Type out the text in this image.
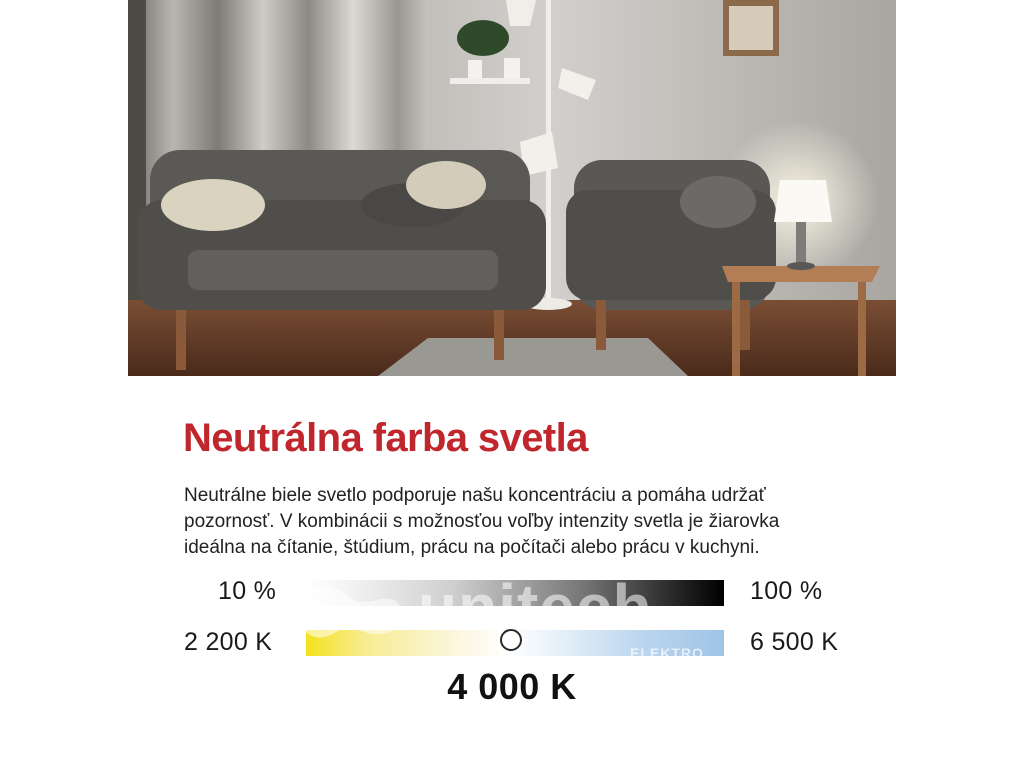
Neutrálna farba svetla

Neutrálne biele svetlo podporuje našu koncentráciu a pomáha udržať pozornosť. V kombinácii s možnosťou voľby intenzity svetla je žiarovka ideálna na čítanie, štúdium, prácu na počítači alebo prácu v kuchyni.

10 %	100 %
2 200 K	6 500 K
4 000 K
unitech
ELEKTRO
